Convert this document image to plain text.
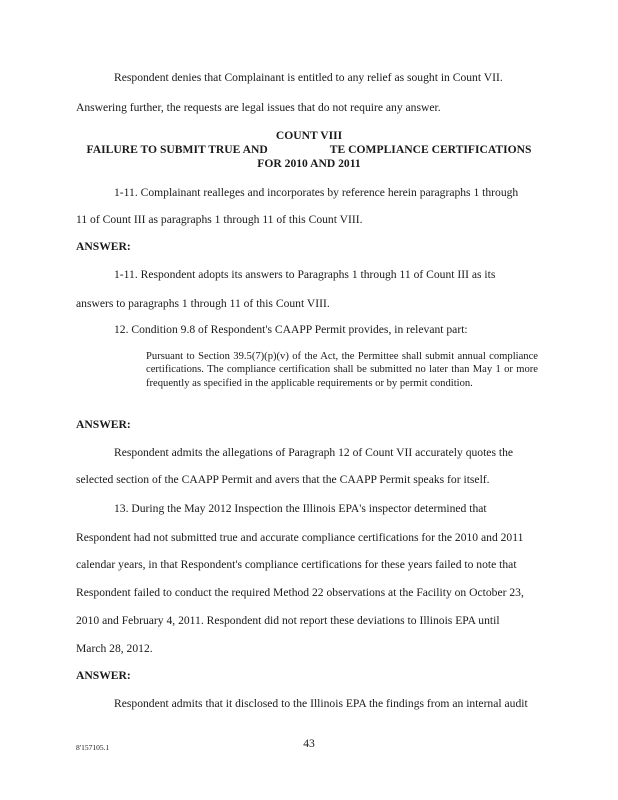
Respondent denies that Complainant is entitled to any relief as sought in Count VII.
Answering further, the requests are legal issues that do not require any answer.
COUNT VIII
FAILURE TO SUBMIT TRUE AND	TE COMPLIANCE CERTIFICATIONS
FOR 2010 AND 2011
1-11. Complainant realleges and incorporates by reference herein paragraphs 1 through
11 of Count III as paragraphs 1 through 11 of this Count VIII.
ANSWER:
1-11. Respondent adopts its answers to Paragraphs 1 through 11 of Count III as its
answers to paragraphs 1 through 11 of this Count VIII.
12. Condition 9.8 of Respondent's CAAPP Permit provides, in relevant part:
Pursuant to Section 39.5(7)(p)(v) of the Act, the Permittee shall submit annual compliance certifications. The compliance certification shall be submitted no later than May 1 or more frequently as specified in the applicable requirements or by permit condition.
ANSWER:
Respondent admits the allegations of Paragraph 12 of Count VII accurately quotes the
selected section of the CAAPP Permit and avers that the CAAPP Permit speaks for itself.
13. During the May 2012 Inspection the Illinois EPA's inspector determined that
Respondent had not submitted true and accurate compliance certifications for the 2010 and 2011
calendar years, in that Respondent's compliance certifications for these years failed to note that
Respondent failed to conduct the required Method 22 observations at the Facility on October 23,
2010 and February 4, 2011. Respondent did not report these deviations to Illinois EPA until
March 28, 2012.
ANSWER:
Respondent admits that it disclosed to the Illinois EPA the findings from an internal audit
8'157105.1	43
